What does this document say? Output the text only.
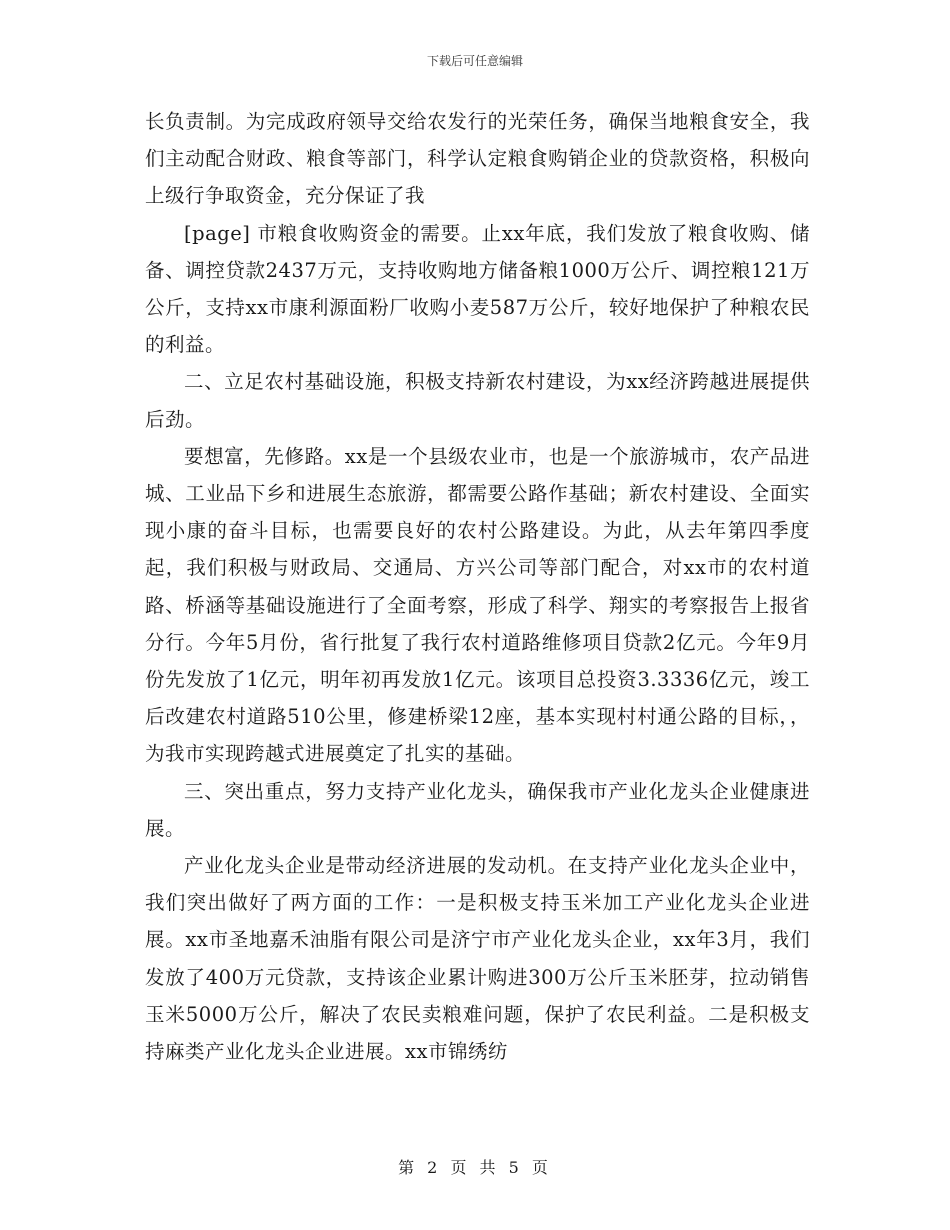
下载后可任意编辑

长负责制。为完成政府领导交给农发行的光荣任务，确保当地粮食安全，我们主动配合财政、粮食等部门，科学认定粮食购销企业的贷款资格，积极向上级行争取资金，充分保证了我

[page] 市粮食收购资金的需要。止xx年底，我们发放了粮食收购、储备、调控贷款2437万元，支持收购地方储备粮1000万公斤、调控粮121万公斤，支持xx市康利源面粉厂收购小麦587万公斤，较好地保护了种粮农民的利益。

二、立足农村基础设施，积极支持新农村建设，为xx经济跨越进展提供后劲。

要想富，先修路。xx是一个县级农业市，也是一个旅游城市，农产品进城、工业品下乡和进展生态旅游，都需要公路作基础；新农村建设、全面实现小康的奋斗目标，也需要良好的农村公路建设。为此，从去年第四季度起，我们积极与财政局、交通局、方兴公司等部门配合，对xx市的农村道路、桥涵等基础设施进行了全面考察，形成了科学、翔实的考察报告上报省分行。今年5月份，省行批复了我行农村道路维修项目贷款2亿元。今年9月份先发放了1亿元，明年初再发放1亿元。该项目总投资3.3336亿元，竣工后改建农村道路510公里，修建桥梁12座，基本实现村村通公路的目标，，为我市实现跨越式进展奠定了扎实的基础。

三、突出重点，努力支持产业化龙头，确保我市产业化龙头企业健康进展。

产业化龙头企业是带动经济进展的发动机。在支持产业化龙头企业中，我们突出做好了两方面的工作：一是积极支持玉米加工产业化龙头企业进展。xx市圣地嘉禾油脂有限公司是济宁市产业化龙头企业，xx年3月，我们发放了400万元贷款，支持该企业累计购进300万公斤玉米胚芽，拉动销售玉米5000万公斤，解决了农民卖粮难问题，保护了农民利益。二是积极支持麻类产业化龙头企业进展。xx市锦绣纺

第 2 页 共 5 页
